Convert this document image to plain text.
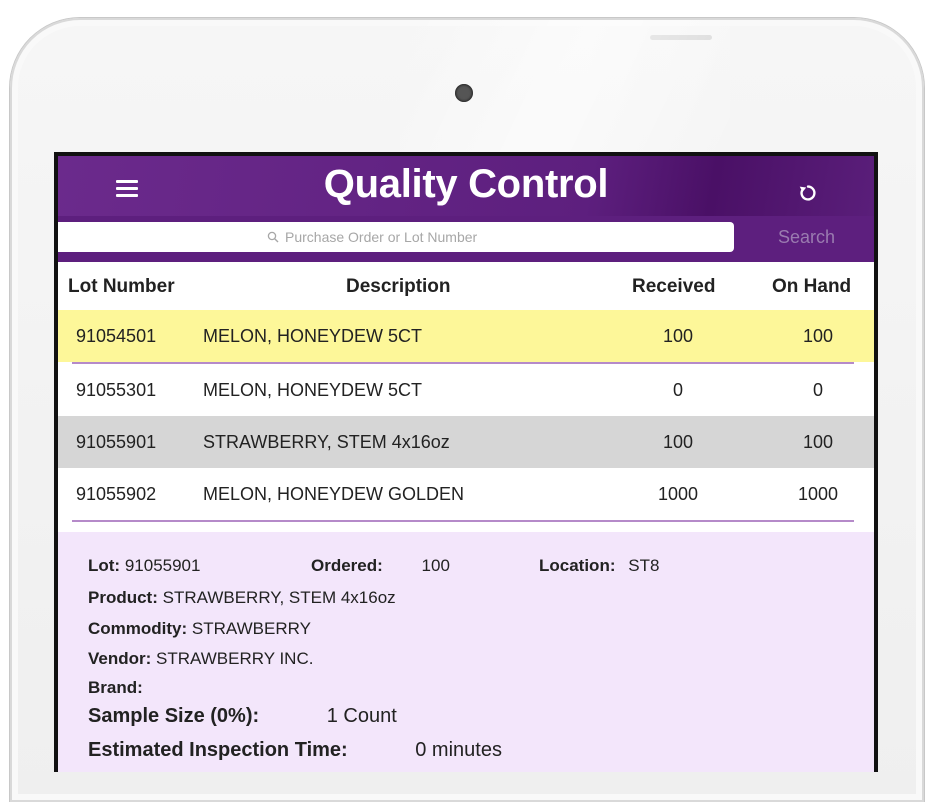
Quality Control
Purchase Order or Lot Number
Search
Lot Number	Description	Received	On Hand
91054501	MELON, HONEYDEW 5CT	100	100
91055301	MELON, HONEYDEW 5CT	0	0
91055901	STRAWBERRY, STEM 4x16oz	100	100
91055902	MELON, HONEYDEW GOLDEN	1000	1000
Lot: 91055901	Ordered: 100	Location: ST8
Product: STRAWBERRY, STEM 4x16oz
Commodity: STRAWBERRY
Vendor: STRAWBERRY INC.
Brand:
Sample Size (0%):	1 Count
Estimated Inspection Time:	0 minutes
